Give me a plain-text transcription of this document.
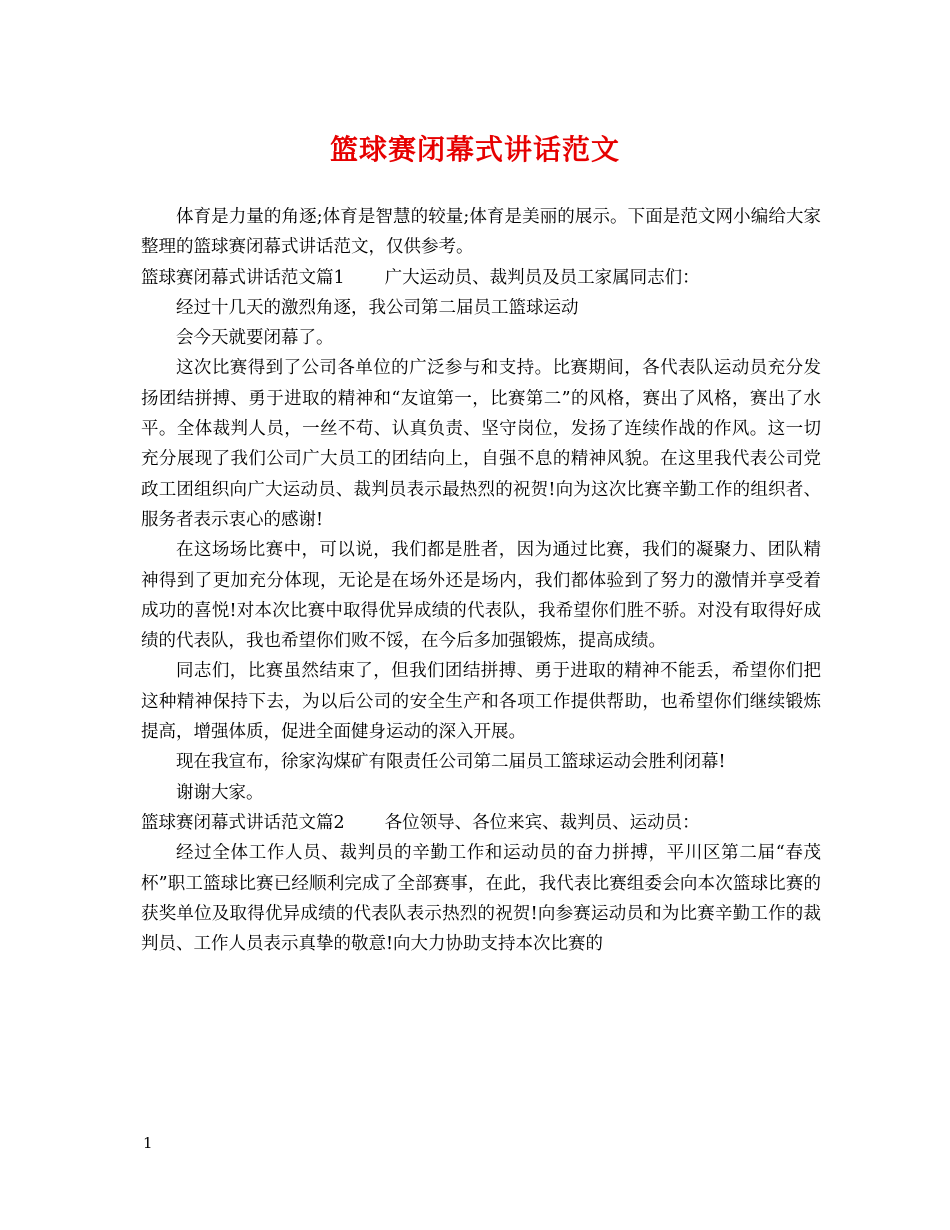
篮球赛闭幕式讲话范文

体育是力量的角逐;体育是智慧的较量;体育是美丽的展示。下面是范文网小编给大家整理的篮球赛闭幕式讲话范文，仅供参考。

篮球赛闭幕式讲话范文篇1 广大运动员、裁判员及员工家属同志们：

经过十几天的激烈角逐，我公司第二届员工篮球运动

会今天就要闭幕了。

这次比赛得到了公司各单位的广泛参与和支持。比赛期间，各代表队运动员充分发扬团结拼搏、勇于进取的精神和“友谊第一，比赛第二”的风格，赛出了风格，赛出了水平。全体裁判人员，一丝不苟、认真负责、坚守岗位，发扬了连续作战的作风。这一切充分展现了我们公司广大员工的团结向上，自强不息的精神风貌。在这里我代表公司党政工团组织向广大运动员、裁判员表示最热烈的祝贺!向为这次比赛辛勤工作的组织者、服务者表示衷心的感谢!

在这场场比赛中，可以说，我们都是胜者，因为通过比赛，我们的凝聚力、团队精神得到了更加充分体现，无论是在场外还是场内，我们都体验到了努力的激情并享受着成功的喜悦!对本次比赛中取得优异成绩的代表队，我希望你们胜不骄。对没有取得好成绩的代表队，我也希望你们败不馁，在今后多加强锻炼，提高成绩。

同志们，比赛虽然结束了，但我们团结拼搏、勇于进取的精神不能丢，希望你们把这种精神保持下去，为以后公司的安全生产和各项工作提供帮助，也希望你们继续锻炼提高，增强体质，促进全面健身运动的深入开展。

现在我宣布，徐家沟煤矿有限责任公司第二届员工篮球运动会胜利闭幕!

谢谢大家。

篮球赛闭幕式讲话范文篇2 各位领导、各位来宾、裁判员、运动员：

经过全体工作人员、裁判员的辛勤工作和运动员的奋力拼搏，平川区第二届“春茂杯”职工篮球比赛已经顺利完成了全部赛事，在此，我代表比赛组委会向本次篮球比赛的获奖单位及取得优异成绩的代表队表示热烈的祝贺!向参赛运动员和为比赛辛勤工作的裁判员、工作人员表示真挚的敬意!向大力协助支持本次比赛的

1
